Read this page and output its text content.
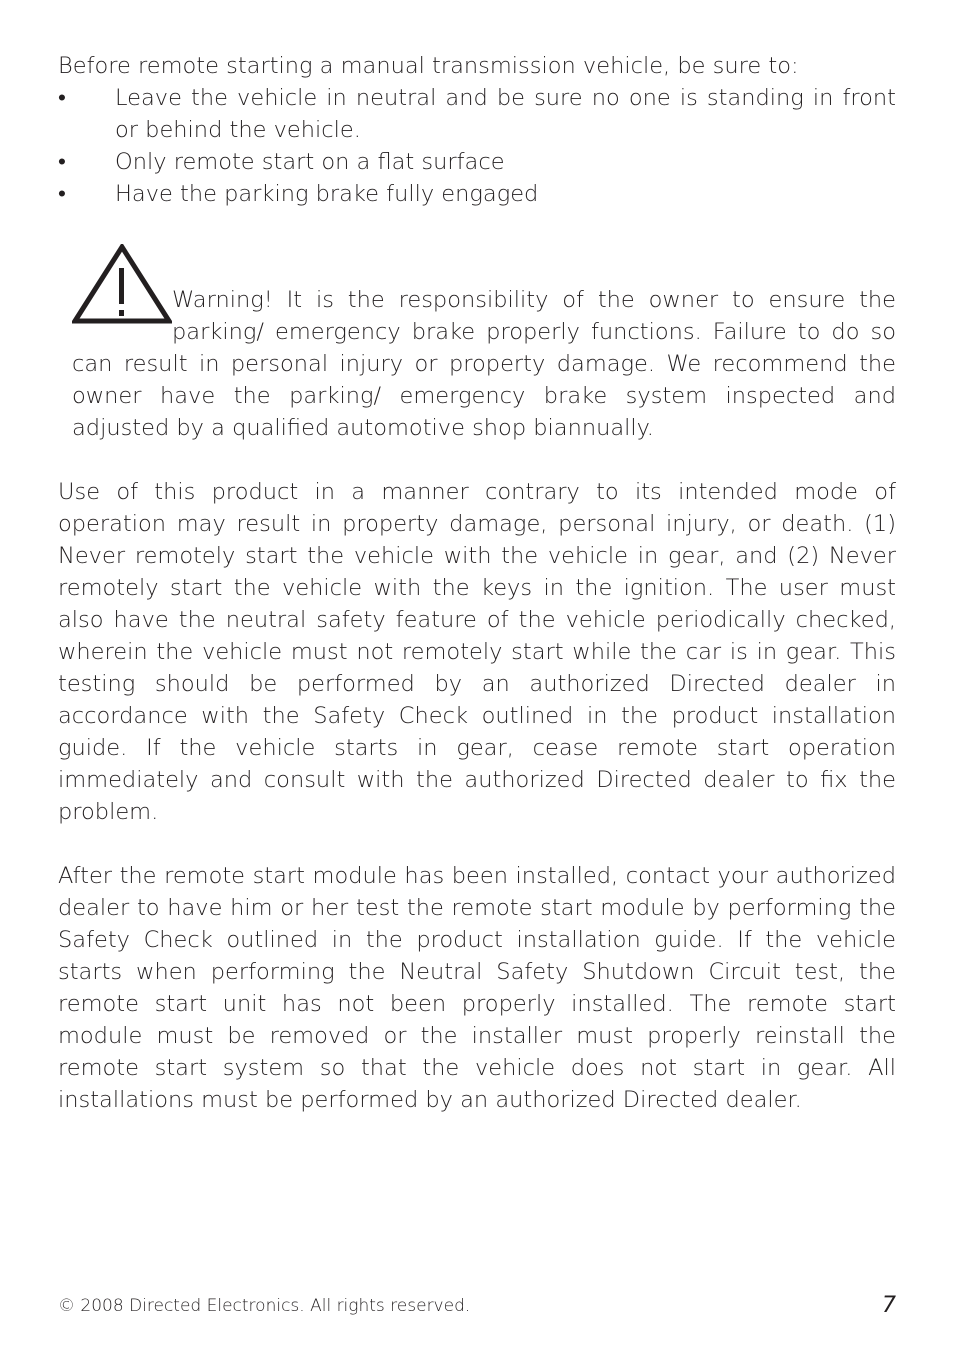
Before remote starting a manual transmission vehicle, be sure to:

•	Leave the vehicle in neutral and be sure no one is standing in front or behind the vehicle.
•	Only remote start on a flat surface
•	Have the parking brake fully engaged
Warning! It is the responsibility of the owner to ensure the parking/ emergency brake properly functions. Failure to do so can result in personal injury or property damage. We recommend the owner have the parking/ emergency brake system inspected and adjusted by a qualified automotive shop biannually.

Use of this product in a manner contrary to its intended mode of operation may result in property damage, personal injury, or death. (1) Never remotely start the vehicle with the vehicle in gear, and (2) Never remotely start the vehicle with the keys in the ignition. The user must also have the neutral safety feature of the vehicle periodically checked, wherein the vehicle must not remotely start while the car is in gear. This testing should be performed by an authorized Directed dealer in accordance with the Safety Check outlined in the product installation guide. If the vehicle starts in gear, cease remote start operation immediately and consult with the authorized Directed dealer to fix the problem.

After the remote start module has been installed, contact your authorized dealer to have him or her test the remote start module by performing the Safety Check outlined in the product installation guide. If the vehicle starts when performing the Neutral Safety Shutdown Circuit test, the remote start unit has not been properly installed. The remote start module must be removed or the installer must properly reinstall the remote start system so that the vehicle does not start in gear. All installations must be performed by an authorized Directed dealer.

© 2008 Directed Electronics. All rights reserved.	7
